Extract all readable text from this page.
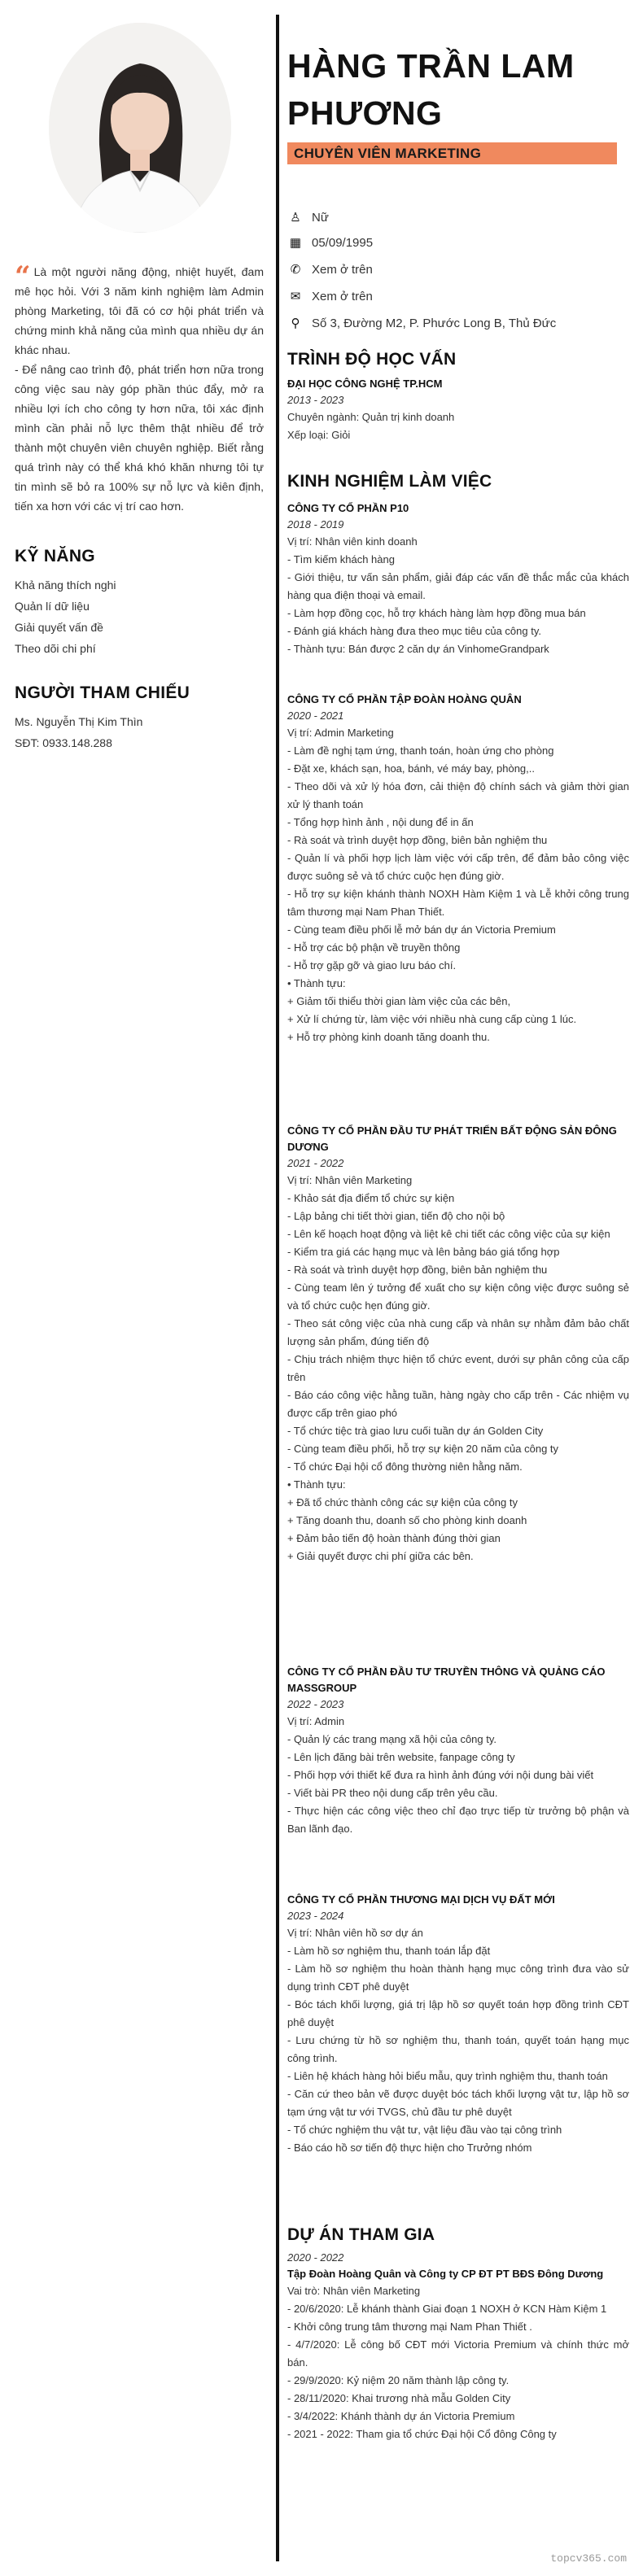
“ Là một người năng động, nhiệt huyết, đam mê học hỏi. Với 3 năm kinh nghiệm làm Admin phòng Marketing, tôi đã có cơ hội phát triển và chứng minh khả năng của mình qua nhiều dự án khác nhau.

- Để nâng cao trình độ, phát triển hơn nữa trong công việc sau này góp phần thúc đẩy, mở ra nhiều lợi ích cho công ty hơn nữa, tôi xác định mình cần phải nỗ lực thêm thật nhiều để trở thành một chuyên viên chuyên nghiệp. Biết rằng quá trình này có thể khá khó khăn nhưng tôi tự tin mình sẽ bỏ ra 100% sự nỗ lực và kiên định, tiến xa hơn với các vị trí cao hơn.

KỸ NĂNG
Khả năng thích nghi
Quản lí dữ liệu
Giải quyết vấn đề
Theo dõi chi phí
NGƯỜI THAM CHIẾU
Ms. Nguyễn Thị Kim Thìn
SĐT: 0933.148.288
HÀNG TRẦN LAM
PHƯƠNG
CHUYÊN VIÊN MARKETING
♙ Nữ
▦ 05/09/1995
✆ Xem ở trên
✉ Xem ở trên
⚲ Số 3, Đường M2, P. Phước Long B, Thủ Đức
TRÌNH ĐỘ HỌC VẤN
ĐẠI HỌC CÔNG NGHỆ TP.HCM
2013 - 2023
Chuyên ngành: Quản trị kinh doanh
Xếp loại: Giỏi
KINH NGHIỆM LÀM VIỆC
CÔNG TY CỔ PHẦN P10
2018 - 2019

Vị trí: Nhân viên kinh doanh

- Tìm kiếm khách hàng

- Giới thiệu, tư vấn sản phẩm, giải đáp các vấn đề thắc mắc của khách hàng qua điện thoại và email.

- Làm hợp đồng cọc, hỗ trợ khách hàng làm hợp đồng mua bán

- Đánh giá khách hàng đưa theo mục tiêu của công ty.

- Thành tựu: Bán được 2 căn dự án VinhomeGrandpark

CÔNG TY CỔ PHẦN TẬP ĐOÀN HOÀNG QUÂN
2020 - 2021

Vị trí: Admin Marketing

- Làm đề nghị tạm ứng, thanh toán, hoàn ứng cho phòng

- Đặt xe, khách sạn, hoa, bánh, vé máy bay, phòng,..

- Theo dõi và xử lý hóa đơn, cải thiện độ chính sách và giảm thời gian xử lý thanh toán

- Tổng hợp hình ảnh , nội dung để in ấn

- Rà soát và trình duyệt hợp đồng, biên bản nghiệm thu

- Quản lí và phối hợp lịch làm việc với cấp trên, để đảm bảo công việc được suông sẻ và tổ chức cuộc hẹn đúng giờ.

- Hỗ trợ sự kiện khánh thành NOXH Hàm Kiệm 1 và Lễ khởi công trung tâm thương mại Nam Phan Thiết.

- Cùng team điều phối lễ mở bán dự án Victoria Premium

- Hỗ trợ các bộ phận về truyền thông

- Hỗ trợ gặp gỡ và giao lưu báo chí.

• Thành tựu:

+ Giảm tối thiểu thời gian làm việc của các bên,

+ Xử lí chứng từ, làm việc với nhiều nhà cung cấp cùng 1 lúc.

+ Hỗ trợ phòng kinh doanh tăng doanh thu.

CÔNG TY CỔ PHẦN ĐẦU TƯ PHÁT TRIỂN BẤT ĐỘNG SẢN ĐÔNG DƯƠNG
2021 - 2022

Vị trí: Nhân viên Marketing

- Khảo sát địa điểm tổ chức sự kiện

- Lập bảng chi tiết thời gian, tiến độ cho nội bộ

- Lên kế hoạch hoạt động và liệt kê chi tiết các công việc của sự kiện

- Kiểm tra giá các hạng mục và lên bảng báo giá tổng hợp

- Rà soát và trình duyệt hợp đồng, biên bản nghiệm thu

- Cùng team lên ý tưởng để xuất cho sự kiện công việc được suông sẻ và tổ chức cuộc hẹn đúng giờ.

- Theo sát công việc của nhà cung cấp và nhân sự nhằm đảm bảo chất lượng sản phẩm, đúng tiến độ

- Chịu trách nhiệm thực hiện tổ chức event, dưới sự phân công của cấp trên

- Báo cáo công việc hằng tuần, hàng ngày cho cấp trên - Các nhiệm vụ được cấp trên giao phó

- Tổ chức tiệc trà giao lưu cuối tuần dự án Golden City

- Cùng team điều phối, hỗ trợ sự kiện 20 năm của công ty

- Tổ chức Đại hội cổ đông thường niên hằng năm.

• Thành tựu:

+ Đã tổ chức thành công các sự kiện của công ty

+ Tăng doanh thu, doanh số cho phòng kinh doanh

+ Đảm bảo tiến độ hoàn thành đúng thời gian

+ Giải quyết được chi phí giữa các bên.

CÔNG TY CỔ PHẦN ĐẦU TƯ TRUYỀN THÔNG VÀ QUẢNG CÁO MASSGROUP
2022 - 2023

Vị trí: Admin

- Quản lý các trang mạng xã hội của công ty.

- Lên lịch đăng bài trên website, fanpage công ty

- Phối hợp với thiết kế đưa ra hình ảnh đúng với nội dung bài viết

- Viết bài PR theo nội dung cấp trên yêu cầu.

- Thực hiện các công việc theo chỉ đạo trực tiếp từ trưởng bộ phận và Ban lãnh đạo.

CÔNG TY CỔ PHẦN THƯƠNG MẠI DỊCH VỤ ĐẤT MỚI
2023 - 2024

Vị trí: Nhân viên hồ sơ dự án

- Làm hồ sơ nghiệm thu, thanh toán lắp đặt

- Làm hồ sơ nghiệm thu hoàn thành hạng mục công trình đưa vào sử dụng trình CĐT phê duyệt

- Bóc tách khối lượng, giá trị lập hồ sơ quyết toán hợp đồng trình CĐT phê duyệt

- Lưu chứng từ hồ sơ nghiệm thu, thanh toán, quyết toán hạng mục công trình.

- Liên hệ khách hàng hỏi biểu mẫu, quy trình nghiệm thu, thanh toán

- Căn cứ theo bản vẽ được duyệt bóc tách khối lượng vật tư, lập hồ sơ tạm ứng vật tư với TVGS, chủ đầu tư phê duyệt

- Tổ chức nghiệm thu vật tư, vật liệu đầu vào tại công trình

- Báo cáo hồ sơ tiến độ thực hiện cho Trưởng nhóm

DỰ ÁN THAM GIA
2020 - 2022
Tập Đoàn Hoàng Quân và Công ty CP ĐT PT BĐS Đông Dương

Vai trò: Nhân viên Marketing

- 20/6/2020: Lễ khánh thành Giai đoạn 1 NOXH ở KCN Hàm Kiệm 1

- Khởi công trung tâm thương mại Nam Phan Thiết .

- 4/7/2020: Lễ công bố CĐT mới Victoria Premium và chính thức mở bán.

- 29/9/2020: Kỷ niệm 20 năm thành lập công ty.

- 28/11/2020: Khai trương nhà mẫu Golden City

- 3/4/2022: Khánh thành dự án Victoria Premium

- 2021 - 2022: Tham gia tổ chức Đại hội Cổ đông Công ty

topcv365.com
